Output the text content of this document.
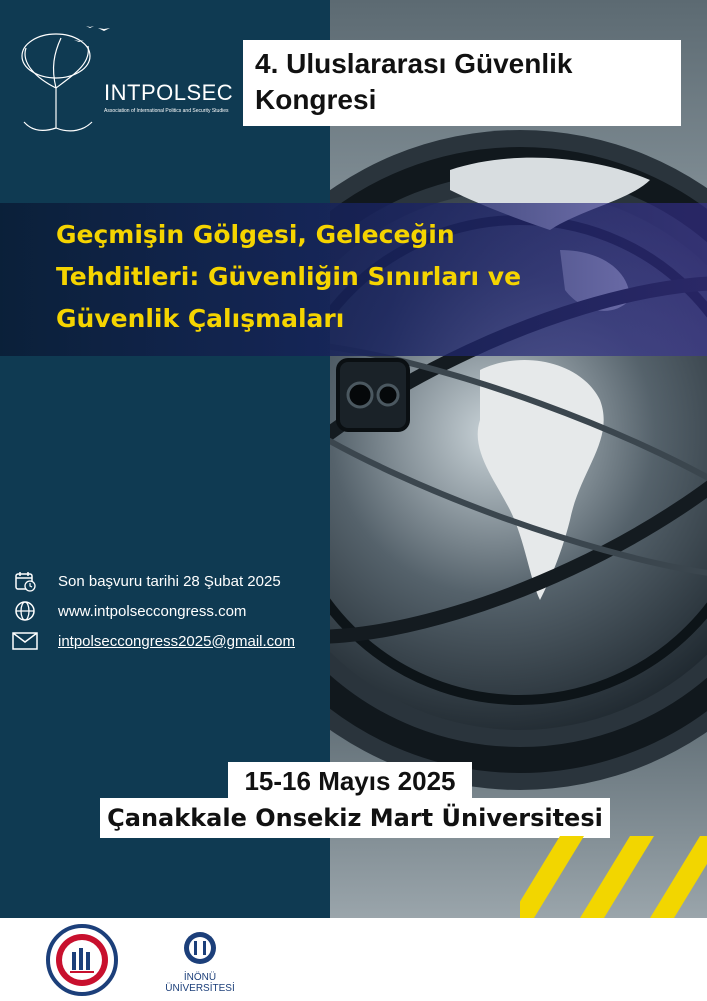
INTPOLSEC
Association of International Politics and Security Studies
4. Uluslararası Güvenlik
Kongresi
Geçmişin Gölgesi, Geleceğin
Tehditleri: Güvenliğin Sınırları ve
Güvenlik Çalışmaları
Son başvuru tarihi 28 Şubat 2025
www.intpolseccongress.com
intpolseccongress2025@gmail.com
Çanakkale Onsekiz Mart Üniversitesi
15-16 Mayıs 2025
İNÖNÜ ÜNİVERSİTESİ
